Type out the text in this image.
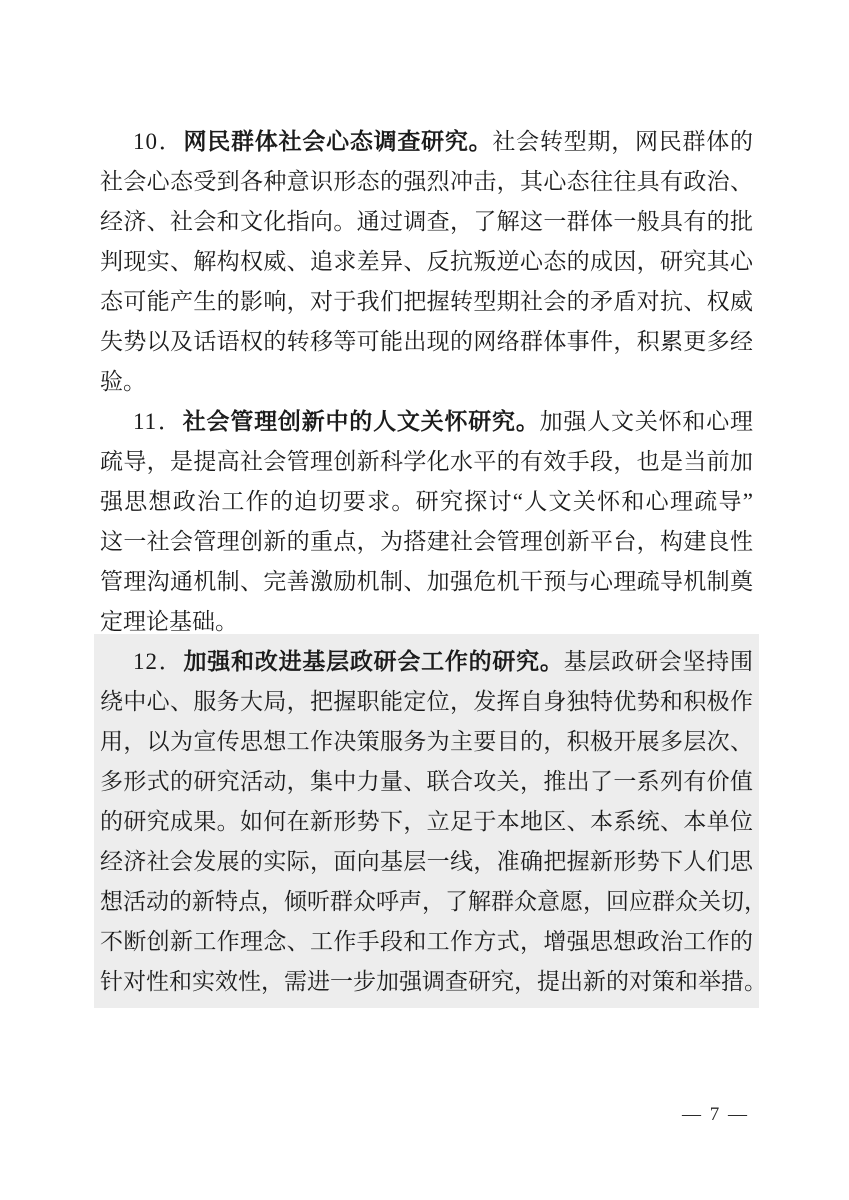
10．网民群体社会心态调查研究。社会转型期，网民群体的
社会心态受到各种意识形态的强烈冲击，其心态往往具有政治、
经济、社会和文化指向。通过调查，了解这一群体一般具有的批
判现实、解构权威、追求差异、反抗叛逆心态的成因，研究其心
态可能产生的影响，对于我们把握转型期社会的矛盾对抗、权威
失势以及话语权的转移等可能出现的网络群体事件，积累更多经
验。
11．社会管理创新中的人文关怀研究。加强人文关怀和心理
疏导，是提高社会管理创新科学化水平的有效手段，也是当前加
强思想政治工作的迫切要求。研究探讨“人文关怀和心理疏导”
这一社会管理创新的重点，为搭建社会管理创新平台，构建良性
管理沟通机制、完善激励机制、加强危机干预与心理疏导机制奠
定理论基础。
12．加强和改进基层政研会工作的研究。基层政研会坚持围
绕中心、服务大局，把握职能定位，发挥自身独特优势和积极作
用，以为宣传思想工作决策服务为主要目的，积极开展多层次、
多形式的研究活动，集中力量、联合攻关，推出了一系列有价值
的研究成果。如何在新形势下，立足于本地区、本系统、本单位
经济社会发展的实际，面向基层一线，准确把握新形势下人们思
想活动的新特点，倾听群众呼声，了解群众意愿，回应群众关切，
不断创新工作理念、工作手段和工作方式，增强思想政治工作的
针对性和实效性，需进一步加强调查研究，提出新的对策和举措。
— 7 —
